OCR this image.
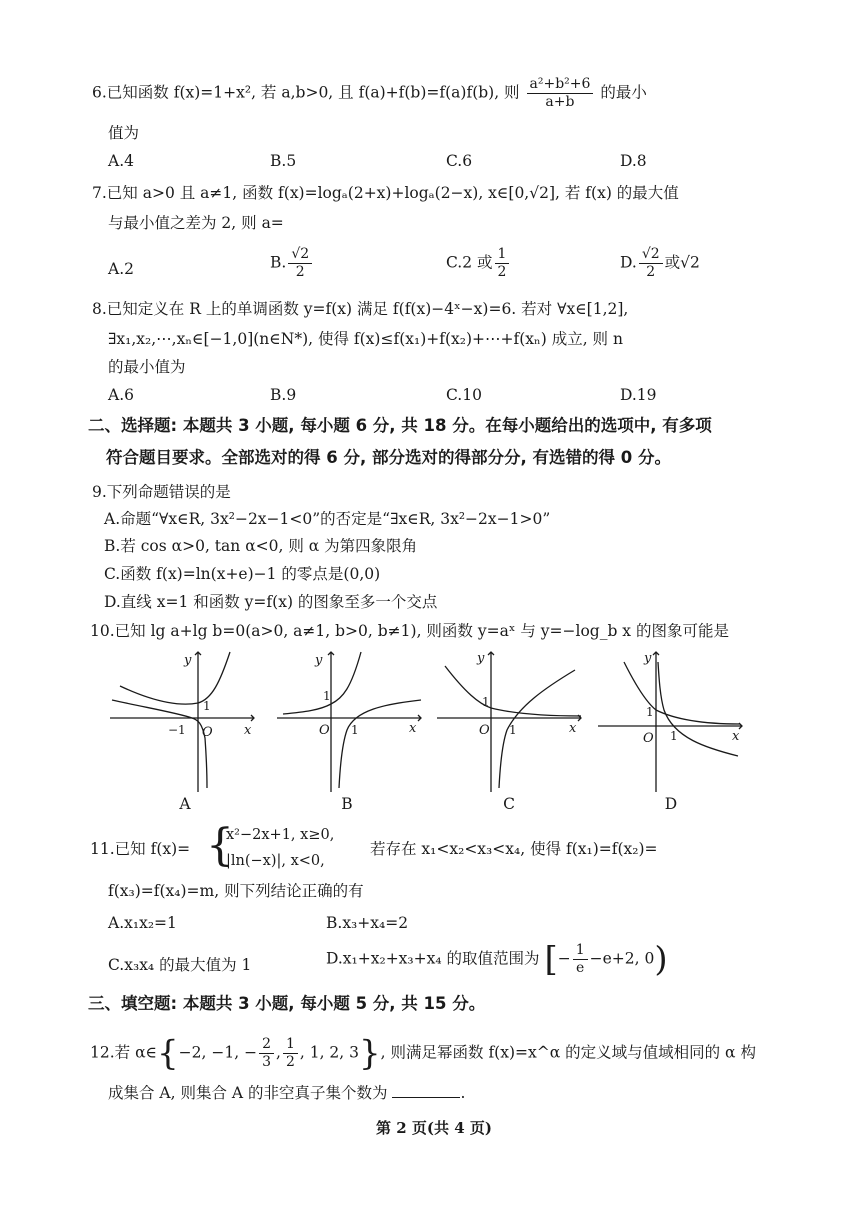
6.已知函数 f(x)=1+x², 若 a,b>0, 且 f(a)+f(b)=f(a)f(b), 则 $\frac{\text{a²+b²+6}}{a+b}$ 的最小
值为
A.4	B.5	C.6	D.8
7.已知 a>0 且 a≠1, 函数 f(x)=logₐ(2+x)+logₐ(2−x), x∈[0,√2], 若 f(x) 的最大值
与最小值之差为 2, 则 a=
A.2	B. $\frac{√2}{2}$	C.2 或 $\frac{1}{2}$	D. $\frac{√2}{2}$ 或√2
8.已知定义在 R 上的单调函数 y=f(x) 满足 f(f(x)−4ˣ−x)=6. 若对 ∀x∈[1,2],
∃x₁,x₂,⋯,xₙ∈[−1,0](n∈N*), 使得 f(x)≤f(x₁)+f(x₂)+⋯+f(xₙ) 成立, 则 n
的最小值为
A.6	B.9	C.10	D.19
二、选择题: 本题共 3 小题, 每小题 6 分, 共 18 分。在每小题给出的选项中, 有多项
符合题目要求。全部选对的得 6 分, 部分选对的得部分分, 有选错的得 0 分。
9.下列命题错误的是
A.命题“∀x∈R, 3x²−2x−1<0”的否定是“∃x∈R, 3x²−2x−1>0”
B.若 cos α>0, tan α<0, 则 α 为第四象限角
C.函数 f(x)=ln(x+e)−1 的零点是(0,0)
D.直线 x=1 和函数 y=f(x) 的图象至多一个交点
10.已知 lg a+lg b=0(a>0, a≠1, b>0, b≠1), 则函数 y=aˣ 与 y=−log_b x 的图象可能是
y
x
O
1
−1
A
y
x
O
1
1
B
y
x
O
1
1
C
y
x
O
1
1
D
11.已知 f(x)= {
x²−2x+1, x≥0,
|ln(−x)|, x<0,
若存在 x₁<x₂<x₃<x₄, 使得 f(x₁)=f(x₂)=
f(x₃)=f(x₄)=m, 则下列结论正确的有
A.x₁x₂=1	B.x₃+x₄=2
C.x₃x₄ 的最大值为 1	D.x₁+x₂+x₃+x₄ 的取值范围为 [− $\frac{1}{e} -e+2$, 0)
三、填空题: 本题共 3 小题, 每小题 5 分, 共 15 分。
12.若 α∈{−2, −1, − $\frac{2}{3}$ , $\frac{1}{2}$ , 1, 2, 3}, 则满足幂函数 f(x)=x^α 的定义域与值域相同的 α 构
成集合 A, 则集合 A 的非空真子集个数为	.
第 2 页(共 4 页)
